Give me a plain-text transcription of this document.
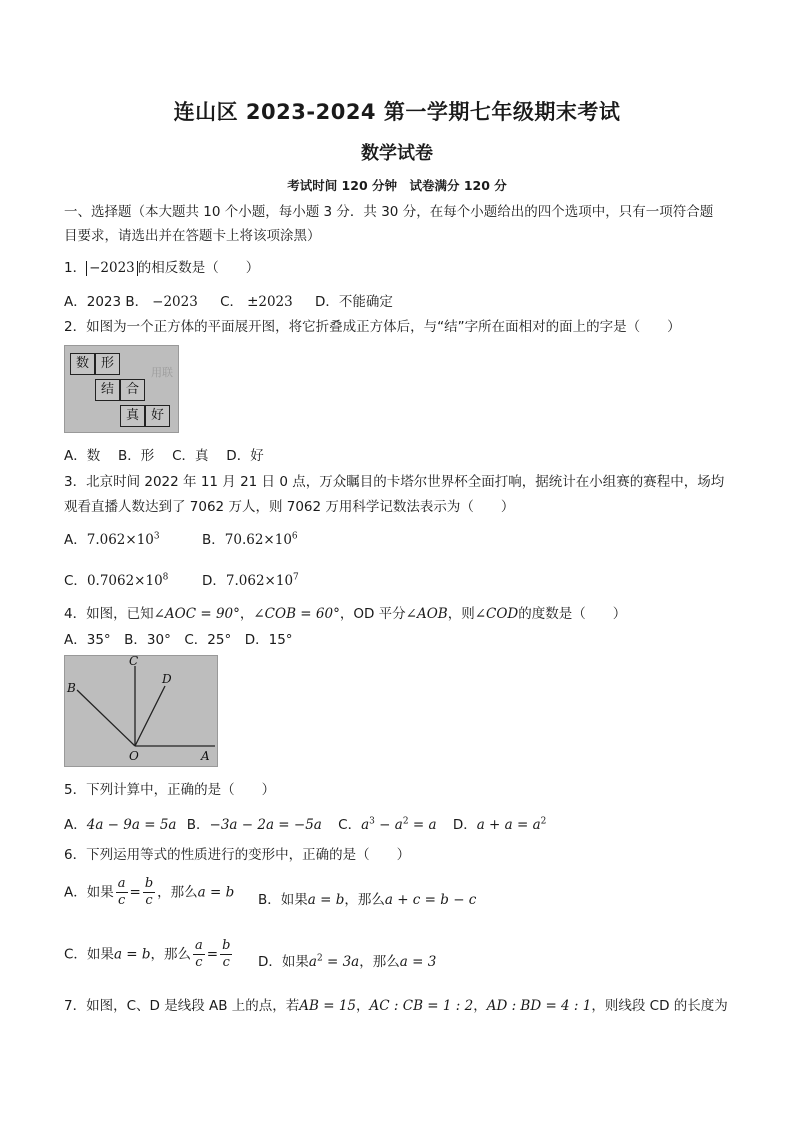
连山区 2023-2024 第一学期七年级期末考试
数学试卷
考试时间 120 分钟　试卷满分 120 分
一、选择题（本大题共 10 个小题，每小题 3 分．共 30 分，在每个小题给出的四个选项中，只有一项符合题
目要求，请选出并在答题卡上将该项涂黑）
1． −2023 的相反数是（　　）
A．2023 B． −2023 C． ±2023 D．不能确定
2．如图为一个正方体的平面展开图，将它折叠成正方体后，与“结”字所在面相对的面上的字是（　　）
数 形
结 合
真 好
用联
A．数　 B．形　 C．真　 D．好
3．北京时间 2022 年 11 月 21 日 0 点，万众瞩目的卡塔尔世界杯全面打响，据统计在小组赛的赛程中，场均
观看直播人数达到了 7062 万人，则 7062 万用科学记数法表示为（　　）
A．$7.062\times 10^3$	B．$70.62\times 10^6$
C．$0.7062\times 10^8$ D．$7.062\times 10^7$
4．如图，已知∠AOC = 90°，∠COB = 60°，OD 平分∠AOB，则∠COD的度数是（　　）
A．35°　B．30°　C．25°　D．15°
C
B
D
O	A
5．下列计算中，正确的是（　　）
A．4a − 9a = 5a B．−3a − 2a = −5a C．$a^3 - a^2 = a$ D．$a + a = a^2$
6．下列运用等式的性质进行的变形中，正确的是（　　）
A．如果 $\frac{a}{c} = \frac{b}{c}$ ，那么a = b B．如果a = b，那么a + c = b − c
C．如果a = b，那么 $\frac{a}{c} = \frac{b}{c}$ D．如果$a^2 = 3a$，那么a = 3
7．如图，C、D 是线段 AB 上的点，若AB = 15，AC : CB = 1 : 2，AD : BD = 4 : 1，则线段 CD 的长度为
